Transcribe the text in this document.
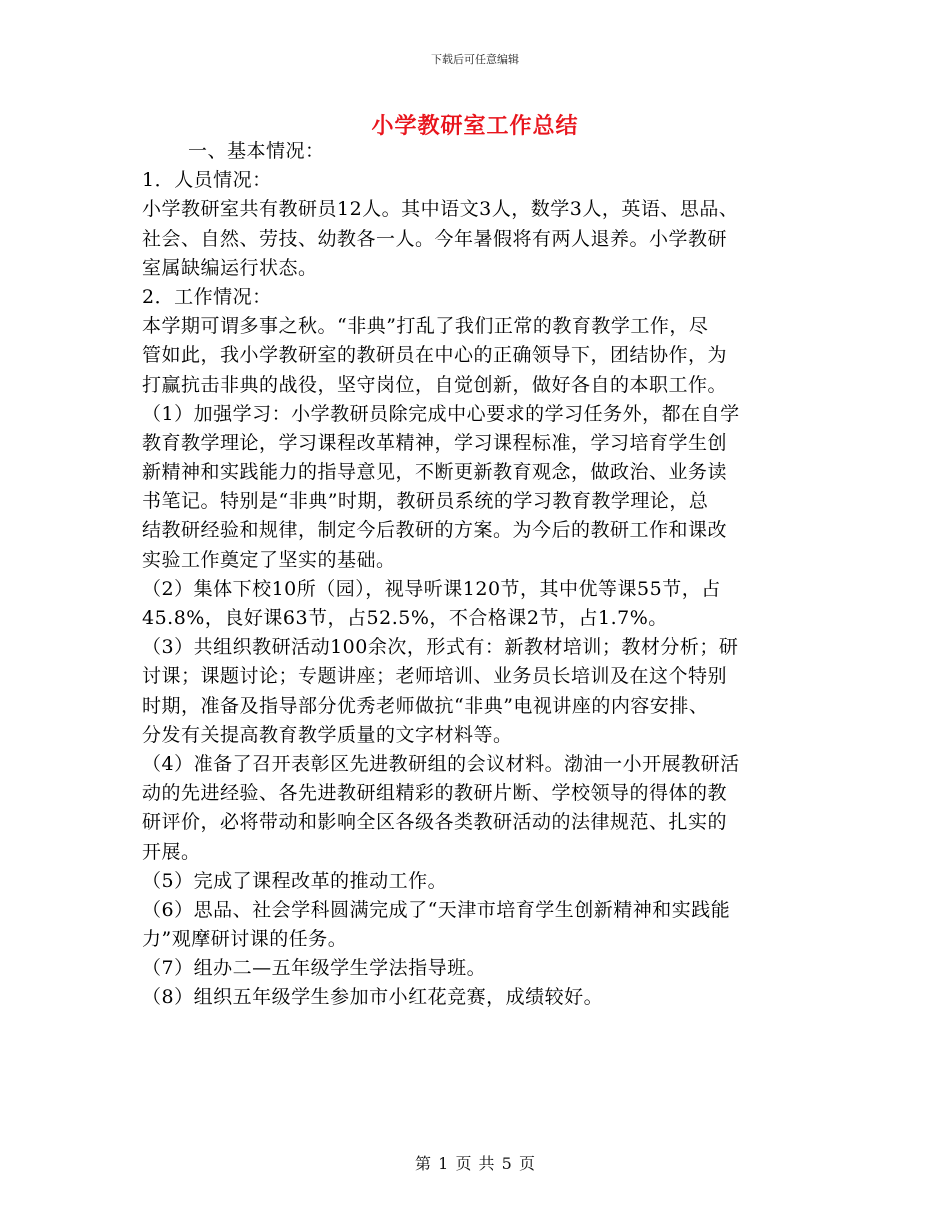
下载后可任意编辑
小学教研室工作总结
一、基本情况：
1．人员情况：
小学教研室共有教研员12人。其中语文3人，数学3人，英语、思品、
社会、自然、劳技、幼教各一人。今年暑假将有两人退养。小学教研
室属缺编运行状态。
2．工作情况：
本学期可谓多事之秋。“非典”打乱了我们正常的教育教学工作，尽
管如此，我小学教研室的教研员在中心的正确领导下，团结协作，为
打赢抗击非典的战役，坚守岗位，自觉创新，做好各自的本职工作。
（1）加强学习：小学教研员除完成中心要求的学习任务外，都在自学
教育教学理论，学习课程改革精神，学习课程标准，学习培育学生创
新精神和实践能力的指导意见，不断更新教育观念，做政治、业务读
书笔记。特别是“非典”时期，教研员系统的学习教育教学理论，总
结教研经验和规律，制定今后教研的方案。为今后的教研工作和课改
实验工作奠定了坚实的基础。
（2）集体下校10所（园），视导听课120节，其中优等课55节，占
45.8%，良好课63节，占52.5%，不合格课2节，占1.7%。
（3）共组织教研活动100余次，形式有：新教材培训；教材分析；研
讨课；课题讨论；专题讲座；老师培训、业务员长培训及在这个特别
时期，准备及指导部分优秀老师做抗“非典”电视讲座的内容安排、
分发有关提高教育教学质量的文字材料等。
（4）准备了召开表彰区先进教研组的会议材料。渤油一小开展教研活
动的先进经验、各先进教研组精彩的教研片断、学校领导的得体的教
研评价，必将带动和影响全区各级各类教研活动的法律规范、扎实的
开展。
（5）完成了课程改革的推动工作。
（6）思品、社会学科圆满完成了“天津市培育学生创新精神和实践能
力”观摩研讨课的任务。
（7）组办二—五年级学生学法指导班。
（8）组织五年级学生参加市小红花竞赛，成绩较好。
第 1 页 共 5 页
